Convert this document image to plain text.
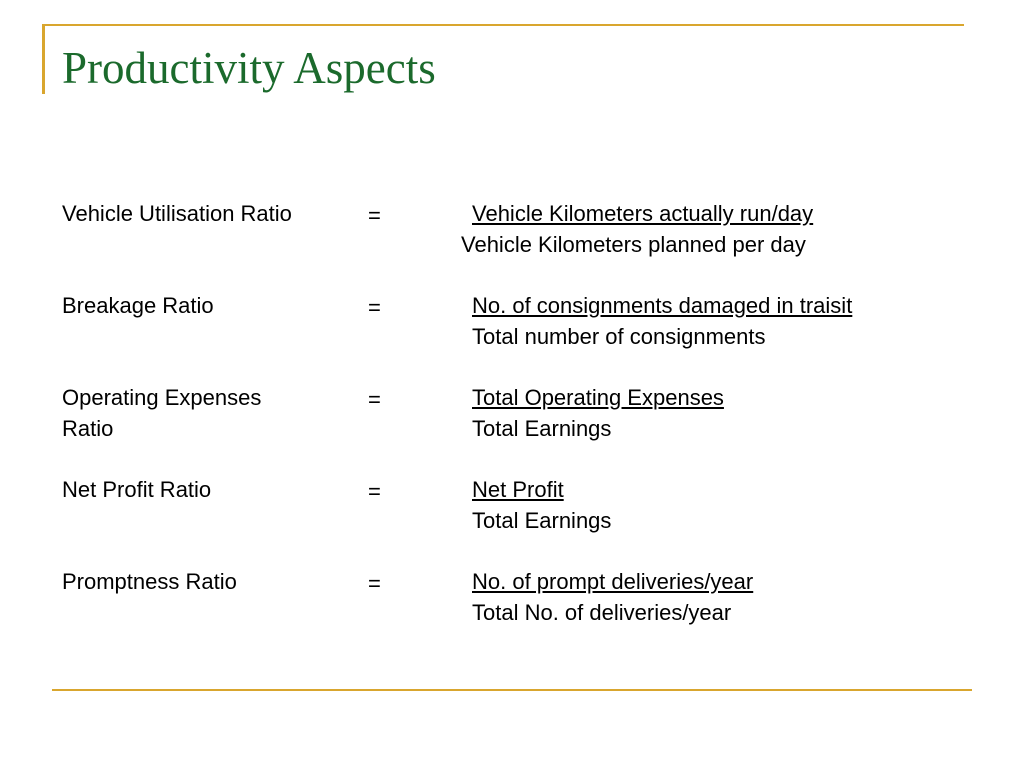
Productivity Aspects
Vehicle Utilisation Ratio	=	Vehicle Kilometers actually run/day
Vehicle Kilometers planned per day
Breakage Ratio	=	No. of consignments damaged in traisit
Total number of consignments
Operating Expenses
Ratio
=	Total Operating Expenses
Total Earnings
Net Profit Ratio	=	Net Profit
Total Earnings
Promptness Ratio	=	No. of prompt deliveries/year
Total No. of deliveries/year
